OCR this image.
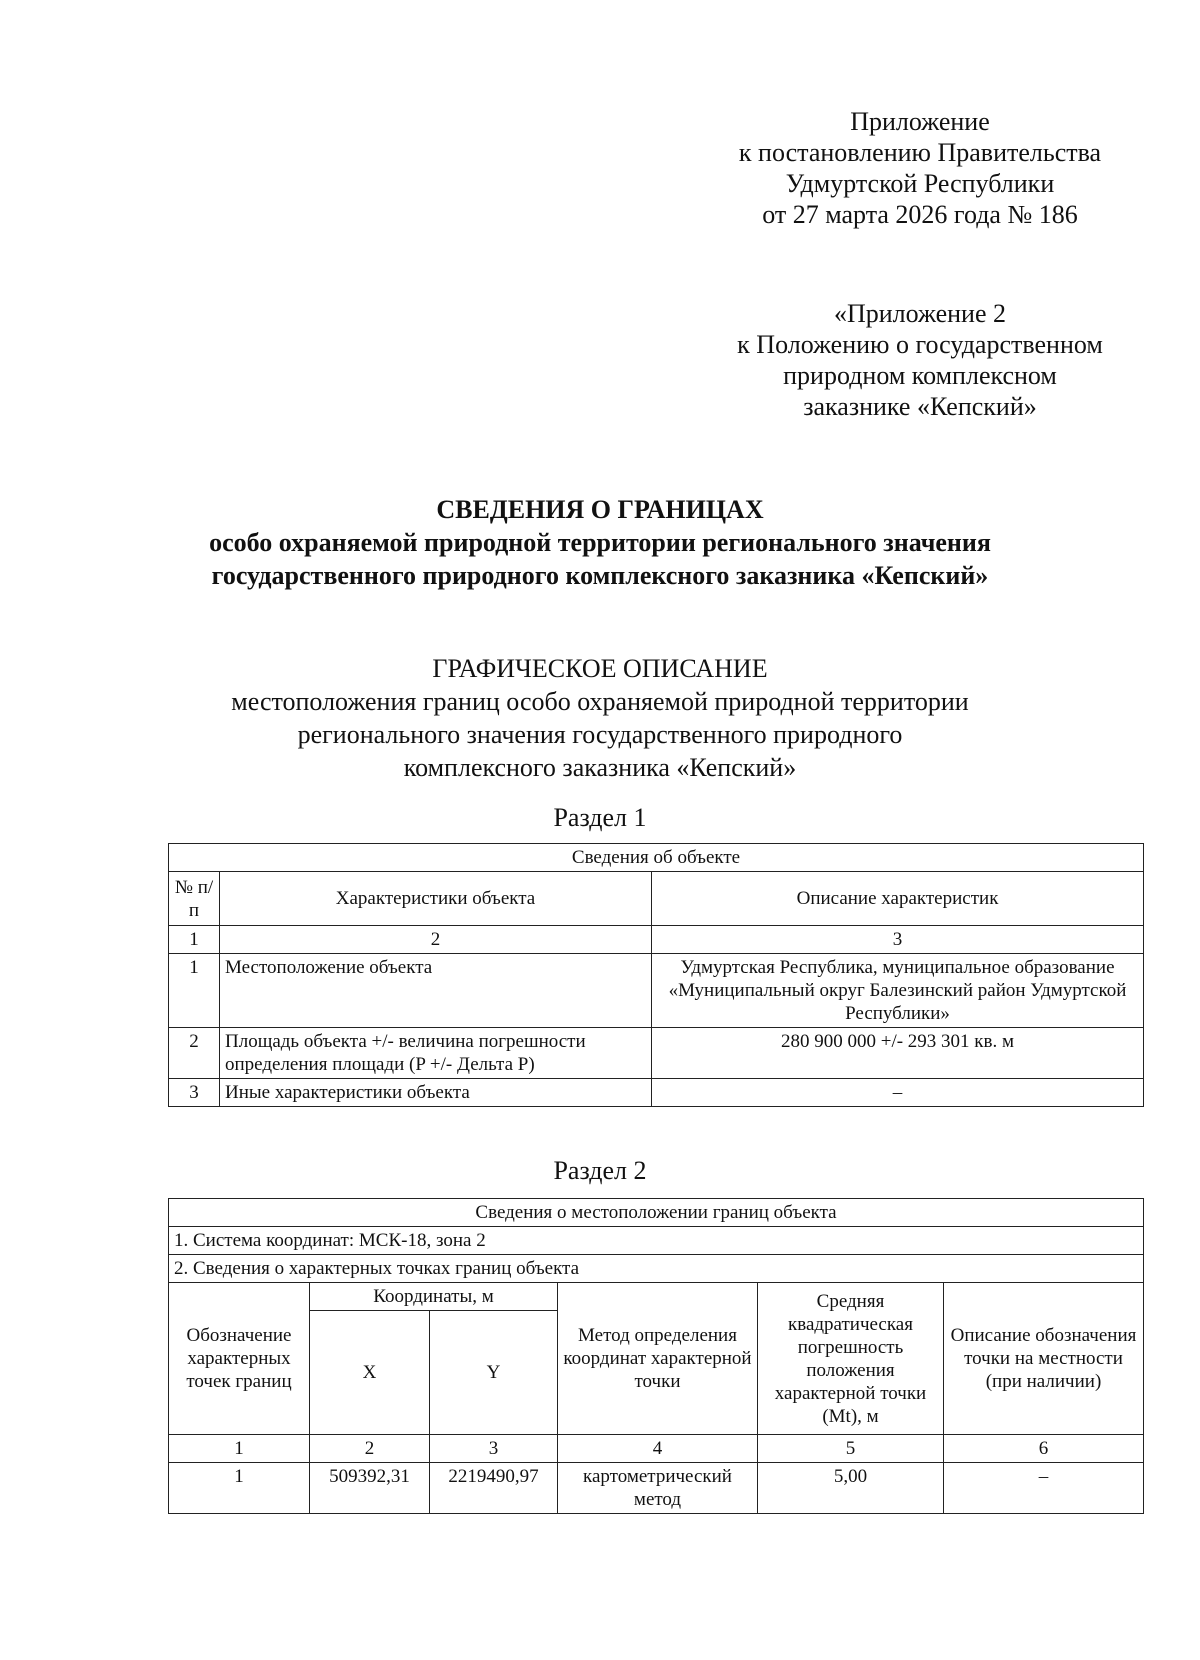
Приложение
к постановлению Правительства
Удмуртской Республики
от 27 марта 2026 года № 186
«Приложение 2
к Положению о государственном
природном комплексном
заказнике «Кепский»
СВЕДЕНИЯ О ГРАНИЦАХ
особо охраняемой природной территории регионального значения
государственного природного комплексного заказника «Кепский»
ГРАФИЧЕСКОЕ ОПИСАНИЕ
местоположения границ особо охраняемой природной территории
регионального значения государственного природного
комплексного заказника «Кепский»
Раздел 1
Сведения об объекте		
№ п/п	Характеристики объекта	Описание характеристик
1	2	3
1	Местоположение объекта	Удмуртская Республика, муниципальное образование «Муниципальный округ Балезинский район Удмуртской Республики»
2	Площадь объекта +/- величина погрешности определения площади (P +/- Дельта P)	280 900 000 +/- 293 301 кв. м
3	Иные характеристики объекта	–
Раздел 2
Сведения о местоположении границ объекта					
1. Система координат: МСК-18, зона 2					
2. Сведения о характерных точках границ объекта					
Обозначение характерных точек границ	Координаты, м		Метод определения координат характерной точки	Средняя квадратическая погрешность положения характерной точки (Mt), м	Описание обозначения точки на местности (при наличии)
	X	Y			
1	2	3	4	5	6
1	509392,31	2219490,97	картометрический метод	5,00	–
